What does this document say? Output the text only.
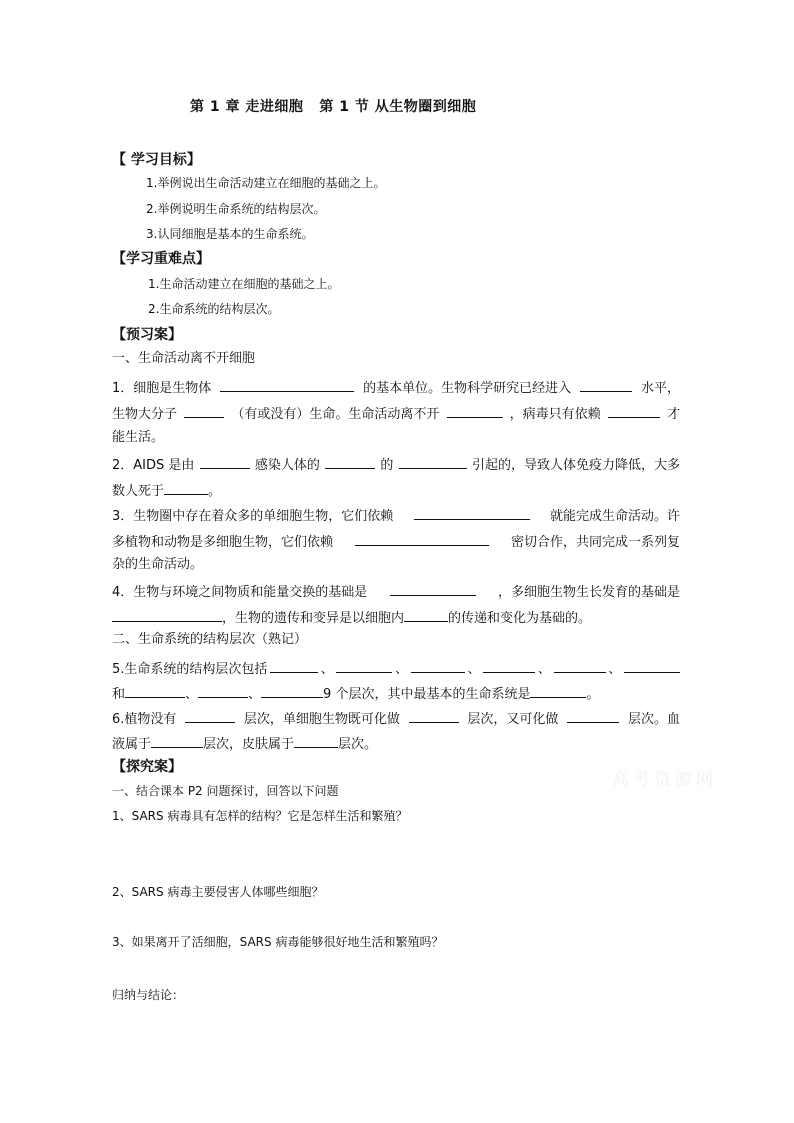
第 1 章 走进细胞 第 1 节 从生物圈到细胞
【 学习目标】
1.举例说出生命活动建立在细胞的基础之上。
2.举例说明生命系统的结构层次。
3.认同细胞是基本的生命系统。
【学习重难点】
1.生命活动建立在细胞的基础之上。
2.生命系统的结构层次。
【预习案】
一、生命活动离不开细胞
1．细胞是生物体	的基本单位。生物科学研究已经进入	水平，
生物大分子	（有或没有）生命。生命活动离不开	，病毒只有依赖	才
能生活。
2．AIDS 是由	感染人体的	的	引起的，导致人体免疫力降低，大多
数人死于	。
3．生物圈中存在着众多的单细胞生物，它们依赖	就能完成生命活动。许
多植物和动物是多细胞生物，它们依赖	密切合作，共同完成一系列复
杂的生命活动。
4．生物与环境之间物质和能量交换的基础是	，多细胞生物生长发育的基础是
，生物的遗传和变异是以细胞内	的传递和变化为基础的。
二、生命系统的结构层次（熟记）
5.生命系统的结构层次包括	、	、	、	、	、
和	、	、	9 个层次，其中最基本的生命系统是	。
6.植物没有	层次，单细胞生物既可化做	层次，又可化做	层次。血
液属于	层次，皮肤属于	层次。
【探究案】
一、结合课本 P2 问题探讨，回答以下问题
1、SARS 病毒具有怎样的结构？它是怎样生活和繁殖？
2、SARS 病毒主要侵害人体哪些细胞？
3、如果离开了活细胞，SARS 病毒能够很好地生活和繁殖吗？
归纳与结论：
高考资源网
